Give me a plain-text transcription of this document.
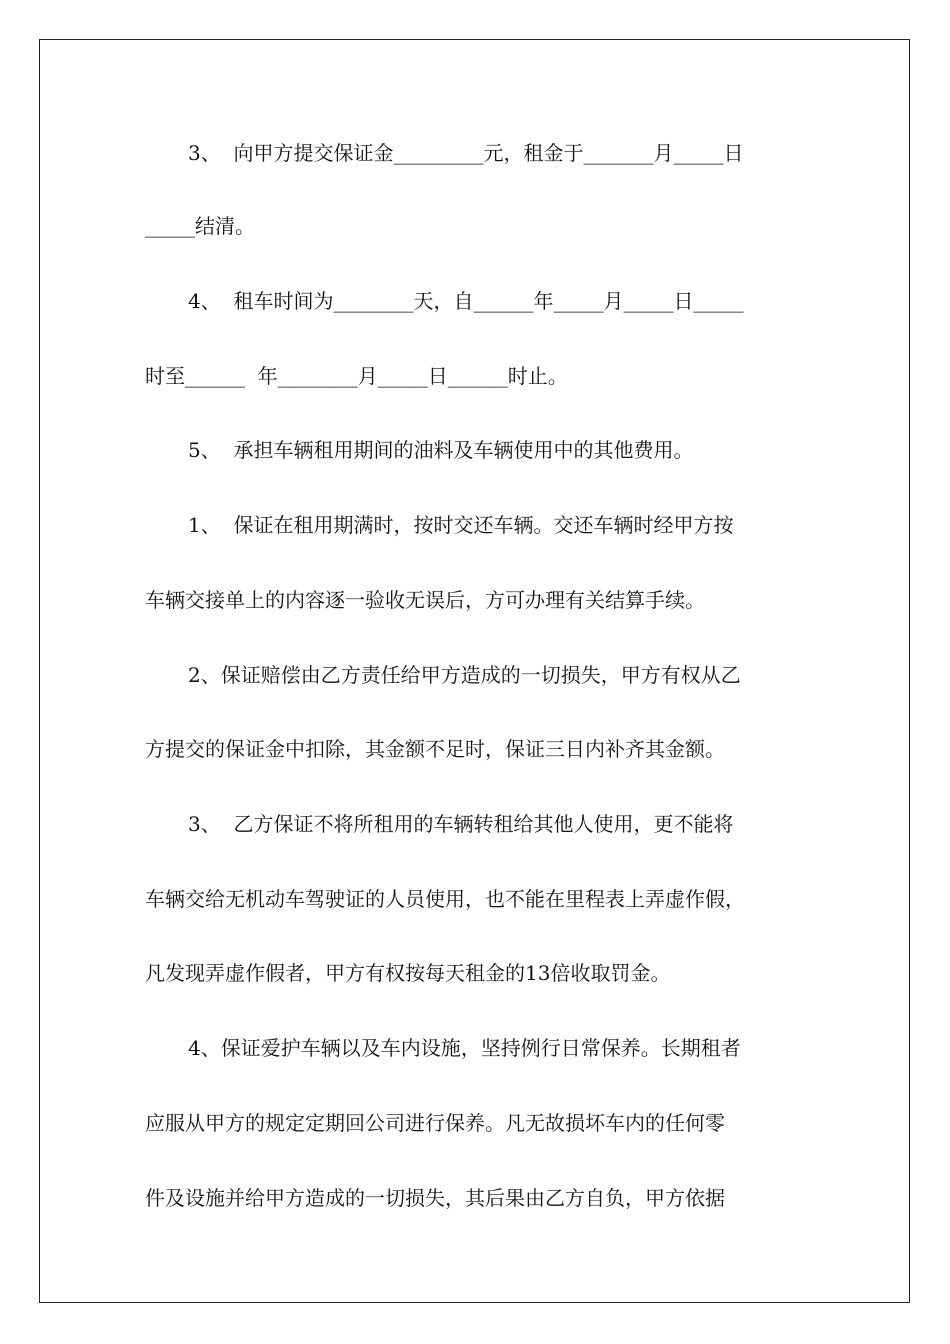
3、  向甲方提交保证金_________元，租金于_______月_____日
_____结清。
4、  租车时间为________天，自______年_____月_____日_____
时至______  年________月_____日______时止。
5、  承担车辆租用期间的油料及车辆使用中的其他费用。
1、  保证在租用期满时，按时交还车辆。交还车辆时经甲方按
车辆交接单上的内容逐一验收无误后，方可办理有关结算手续。
2、保证赔偿由乙方责任给甲方造成的一切损失，甲方有权从乙
方提交的保证金中扣除，其金额不足时，保证三日内补齐其金额。
3、  乙方保证不将所租用的车辆转租给其他人使用，更不能将
车辆交给无机动车驾驶证的人员使用，也不能在里程表上弄虚作假，
凡发现弄虚作假者，甲方有权按每天租金的13倍收取罚金。
4、保证爱护车辆以及车内设施，坚持例行日常保养。长期租者
应服从甲方的规定定期回公司进行保养。凡无故损坏车内的任何零
件及设施并给甲方造成的一切损失，其后果由乙方自负，甲方依据
